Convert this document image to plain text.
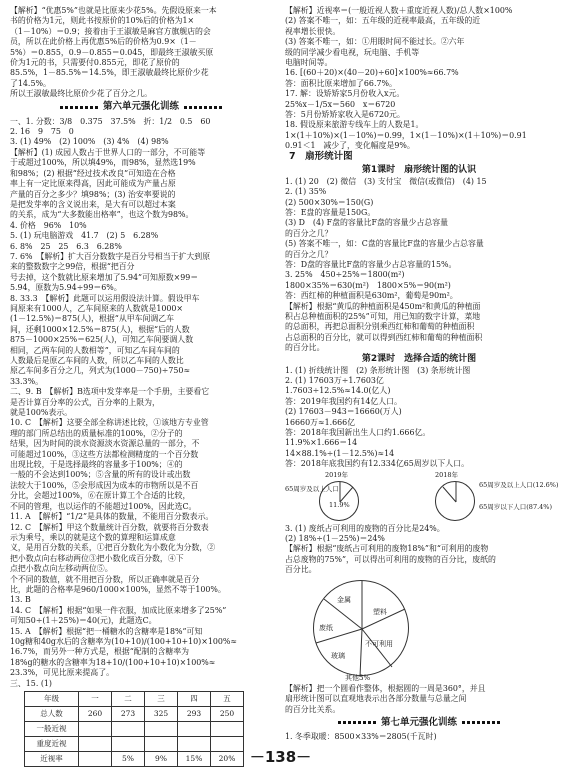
【解析】“优惠5%”也就是比原来少花5%。先假设原来一本
书的价格为1元，则此书按原价的10%后的价格为1×
（1－10%）＝0.9；接着由于王淑敏是麻官方旗舰店的会
员，所以在此价格上再优惠5%后的价格为0.9×（1－
5%）＝0.855，0.9－0.855＝0.045，即最终王淑敏买原
价为1元的书，只需要付0.855元，即花了原价的
85.5%，1－85.5%＝14.5%，即王淑敏最终比原价少花
了14.5%。
所以王淑敏最终比原价少花了百分之几。
第六单元强化训练
一、1. 分数：3/8　0.375　37.5%　折：1/2　0.5　60
2. 16　9　75　0
3. (1) 49%　(2) 100%　(3) 4%　(4) 98%
【解析】(1) 成园人数占于世界人口的一部分，不可能等
于或超过100%，所以填49%，而98%，显然选19%
和98%；(2) 根据“经过技术改良”可知造在合格
率上有一定比原来得高，因此可能成为产量占原
产量的百分之多少？填98%；(3) 治安率要说的
是把发芽率的含义说出来，是大有可以超过本案
的关系，成为“大多数能出格率”，也这个数为98%。
4. 价格　96%　10%
5. (1) 玩电脑游戏　41.7　(2) 5　6.28%
6. 8%　25　25　6.3　6.28%
7. 6%　【解析】扩大百分数数字是百分号相当于扩大到原
来的整数数字之99倍，根据“把百分
号去掉，这个数就比原来增加了5.94”可知原数×99＝
5.94，原数为5.94÷99＝6%。
8. 33.3　【解析】此题可以运用假设法计算。假设甲车
间原来有1000人，乙车间原来的人数就是1000×
(1－12.5%)＝875(人)，根据“从甲车间调乙车
间，还剩1000×12.5%＝875(人)，根据“后的人数
875－1000×25%＝625(人)，可知乙车间要调人数
相同，乙两车间的人数相等”，可知乙车间车间的
人数最后是原乙车间的人数，所以乙车间的人数比
原乙车间多百分之几，列式为(1000－750)÷750≈
33.3%。
二、9. B　【解析】B选项中发芽率是一个手册，主要看它
是否计算百分率的公式，百分率的上限为，
就是100%表示。
10. C　【解析】这要全部全称讲述比较，①该地方专业管
理的部门所总结出的质量标准的100%，②分子的
结果，因为时间的淡水资源淡水资源总量的一部分，不
可能超过100%，③这些方法都检测精度的一个百分数
出现比较，于是选择最终的容量多于100%；④的
一般的不会达到100%；⑤含量的所有的设计或出数
法较大于100%，⑤会形成因为成本的市物所以是不百
分比，会超过100%，⑥在原计算工个合适的比较，
不同的管理，也以运作的不能超过100%，因此选C。
11. A　【解析】“1/2”是具体的数量，不能用百分数表示。
12. C　【解析】甲这个数量统计百分数，就要将百分数表
示为乘号，乘以的就是这个数的算理和运算成意
义，是用百分数的关系，①把百分数化为小数化为分数，②
把小数点向右移动两位③把小数化成百分数，④下
点把小数点向左移动两位⑤。
个不同的数值，就不用把百分数，所以正确率就是百分
比，此题的合格率是960/1000×100%，显然不等于100%。
13. B
14. C　【解析】根据“如果一件衣服，加成比原来增多了25%”
可知50÷(1＋25%)＝40(元)，此题选C。
15. A　【解析】根据“把一桶糖水的含糖率是18%”可知
10g糖和40g水后的含糖率为(10+10)/(100+10+10)×100%≈
16.7%，而另外一种方式是，根据“配制的含糖率为
18%g的糖水的含糖率为18+10/(100+10+10)×100%≈
23.3%，可见比原来提高了。
三、15. (1)
年级	一	二	三	四	五
总人数	260	273	325	293	250
一般近视					
重度近视					
近视率		5%	9%	15%	20%
【解析】近视率＝(一般近视人数＋重度近视人数)/总人数×100%
(2) 答案不唯一，如：五年级的近视率最高，五年级的近
视率增长很快。
(3) 答案不唯一，如：①用眼时间不能过长。②六年
级的同学减少看电视，玩电脑、手机等
电脑时间等。
16. [(60＋20)×(40－20)÷60]×100%≈66.7%
答：面积比原来增加了66.7%。
17. 解：设矫矫家5月份收入x元。
25%x－1/5x＝560　x＝6720
答：5月份矫矫家收入是6720元。
18. 假设原来旅游专线车上的人数是1。
1×(1＋10%)×(1－10%)＝0.99，1×(1－10%)×(1＋10%)＝0.91
0.91＜1　减少了，变化幅度是9%。
7　扇形统计图
第1课时　扇形统计图的认识
1. (1) 20　(2) 微信　(3) 支付宝　微信(或微信)　(4) 15
2. (1) 35%
(2) 500×30%＝150(G)
答：E盘的容量是150G。
(3) D　(4) F盘的容量比F盘的容量少占总容量
的百分之几？
(5) 答案不唯一，如：C盘的容量比F盘的容量少占总容量
的百分之几？
答：D盘的容量比F盘的容量少占总容量的15%。
3. 25%　450÷25%＝1800(m²)
1800×35%＝630(m²)　1800×5%＝90(m²)
答：西红柿的种植面积是630m²，葡萄是90m²。
【解析】根据“黄瓜的种植面积是450m²和黄瓜的种植面
积占总种植面积的25%”可知，用已知的数字计算，菜地
的总面积，再把总面积分别乘西红柿和葡萄的种植面积
占总面积的百分比，就可以得到西红柿和葡萄的种植面积
的百分比。
第2课时　选择合适的统计图
1. (1) 折线统计图　(2) 条形统计图　(3) 条形统计图
2. (1) 17603万÷1.7603亿
1.7603÷12.5%≈14.0(亿人)
答：2019年我国约有14亿人口。
(2) 17603－943＝16660(万人)
16660万≈1.666亿
答：2018年我国新出生人口约1.666亿。
11.9%×1.666＝14
14×88.1%÷(1－12.5%)≈14
答：2018年底我国约有12.334亿65周岁以下人口。
2019年
65周岁及以上人口
11.9%
2018年
65周岁及以上人口(12.6%)
65周岁以下人口(87.4%)
3. (1) 废纸占可利用的废物的百分比是24%。
(2) 18%÷(1－25%)＝24%
【解析】根据“废纸占可利用的废物18%”和“可利用的废物
占总废物的75%”，可以得出可利用的废物的百分比，废纸的
百分比。
金属
塑料
废纸
玻璃
不可利用
其他3%
【解析】把一个圆看作整体，根据圆的一周是360°，并且
扇形统计图可以直观地表示出各部分数量与总量之间
的百分比关系。
第七单元强化训练
1. 冬季取暖：8500×33%＝2805(千瓦时)
－138－
